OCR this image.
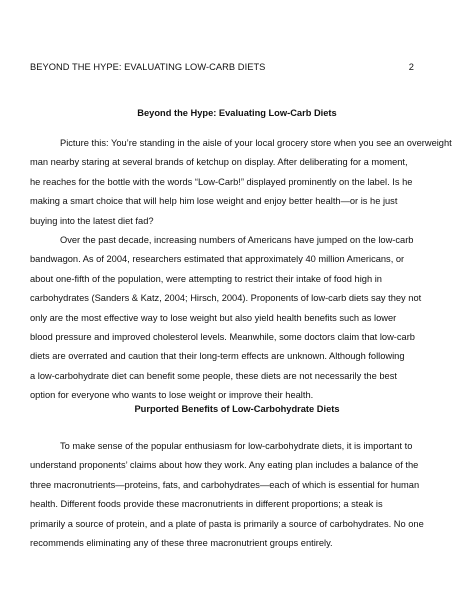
BEYOND THE HYPE: EVALUATING LOW-CARB DIETS	2
Beyond the Hype: Evaluating Low-Carb Diets
Picture this: You’re standing in the aisle of your local grocery store when you see an overweight
man nearby staring at several brands of ketchup on display. After deliberating for a moment,
he reaches for the bottle with the words “Low-Carb!” displayed prominently on the label. Is he
making a smart choice that will help him lose weight and enjoy better health—or is he just
buying into the latest diet fad?
Over the past decade, increasing numbers of Americans have jumped on the low-carb
bandwagon. As of 2004, researchers estimated that approximately 40 million Americans, or
about one-fifth of the population, were attempting to restrict their intake of food high in
carbohydrates (Sanders & Katz, 2004; Hirsch, 2004). Proponents of low-carb diets say they not
only are the most effective way to lose weight but also yield health benefits such as lower
blood pressure and improved cholesterol levels. Meanwhile, some doctors claim that low-carb
diets are overrated and caution that their long-term effects are unknown. Although following
a low-carbohydrate diet can benefit some people, these diets are not necessarily the best
option for everyone who wants to lose weight or improve their health.
Purported Benefits of Low-Carbohydrate Diets
To make sense of the popular enthusiasm for low-carbohydrate diets, it is important to
understand proponents’ claims about how they work. Any eating plan includes a balance of the
three macronutrients—proteins, fats, and carbohydrates—each of which is essential for human
health. Different foods provide these macronutrients in different proportions; a steak is
primarily a source of protein, and a plate of pasta is primarily a source of carbohydrates. No one
recommends eliminating any of these three macronutrient groups entirely.
